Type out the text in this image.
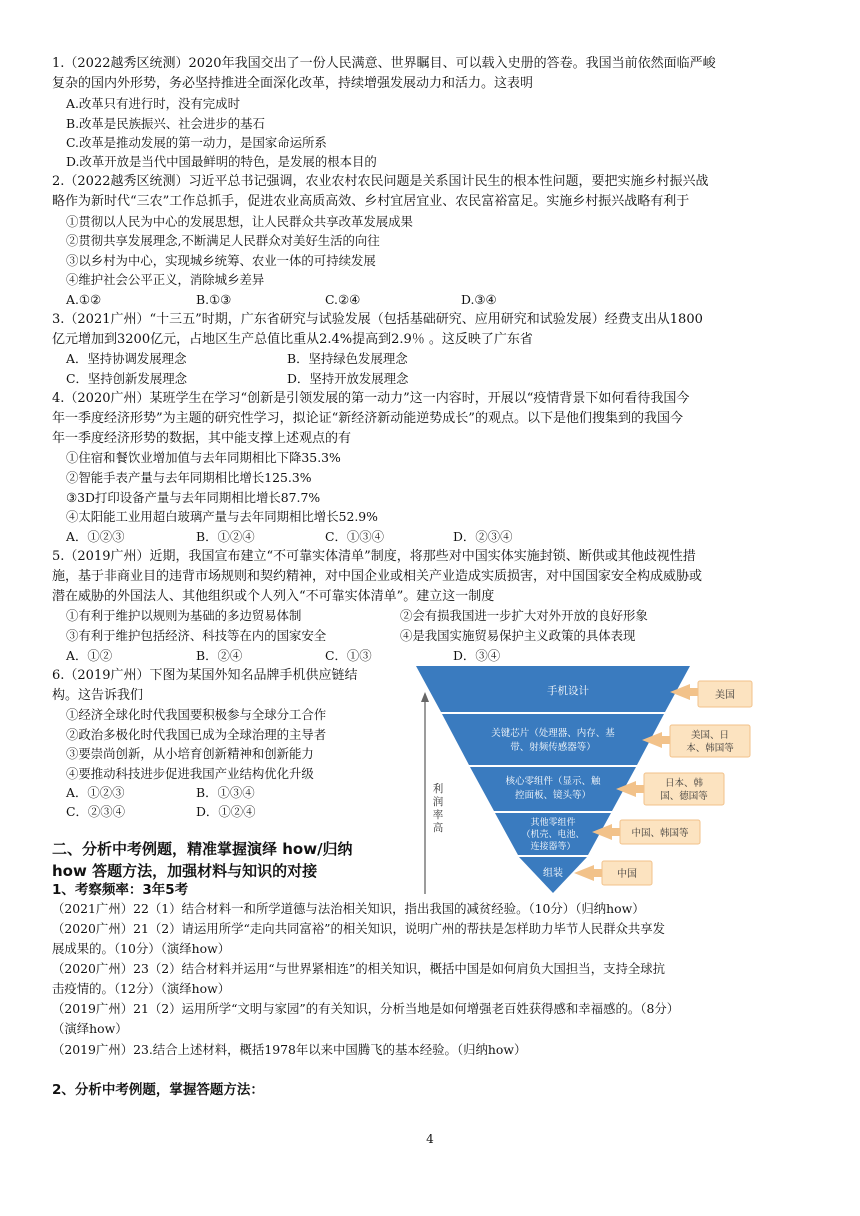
1.（2022越秀区统测）2020年我国交出了一份人民满意、世界瞩目、可以载入史册的答卷。我国当前依然面临严峻
复杂的国内外形势，务必坚持推进全面深化改革，持续增强发展动力和活力。这表明
A.改革只有进行时，没有完成时
B.改革是民族振兴、社会进步的基石
C.改革是推动发展的第一动力，是国家命运所系
D.改革开放是当代中国最鲜明的特色，是发展的根本目的
2.（2022越秀区统测）习近平总书记强调，农业农村农民问题是关系国计民生的根本性问题，要把实施乡村振兴战
略作为新时代“三农”工作总抓手，促进农业高质高效、乡村宜居宜业、农民富裕富足。实施乡村振兴战略有利于
①贯彻以人民为中心的发展思想，让人民群众共享改革发展成果
②贯彻共享发展理念,不断满足人民群众对美好生活的向往
③以乡村为中心，实现城乡统筹、农业一体的可持续发展
④维护社会公平正义，消除城乡差异
A.①②	B.①③	C.②④	D.③④
3.（2021广州）“十三五”时期，广东省研究与试验发展（包括基础研究、应用研究和试验发展）经费支出从1800
亿元增加到3200亿元，占地区生产总值比重从2.4%提高到2.9％ 。这反映了广东省
A．坚持协调发展理念	B．坚持绿色发展理念
C．坚持创新发展理念	D．坚持开放发展理念
4.（2020广州）某班学生在学习“创新是引领发展的第一动力”这一内容时，开展以“疫情背景下如何看待我国今
年一季度经济形势”为主题的研究性学习，拟论证“新经济新动能逆势成长”的观点。以下是他们搜集到的我国今
年一季度经济形势的数据，其中能支撑上述观点的有
①住宿和餐饮业增加值与去年同期相比下降35.3%
②智能手表产量与去年同期相比增长125.3%
③3D打印设备产量与去年同期相比增长87.7%
④太阳能工业用超白玻璃产量与去年同期相比增长52.9%
A．①②③	B．①②④	C．①③④	D．②③④
5.（2019广州）近期，我国宣布建立“不可靠实体清单”制度，将那些对中国实体实施封锁、断供或其他歧视性措
施，基于非商业目的违背市场规则和契约精神，对中国企业或相关产业造成实质损害，对中国国家安全构成威胁或
潜在威胁的外国法人、其他组织或个人列入“不可靠实体清单”。建立这一制度
①有利于维护以规则为基础的多边贸易体制	②会有损我国进一步扩大对外开放的良好形象
③有利于维护包括经济、科技等在内的国家安全	④是我国实施贸易保护主义政策的具体表现
A．①②	B．②④	C．①③	D．③④
6.（2019广州）下图为某国外知名品牌手机供应链结
构。这告诉我们
①经济全球化时代我国要积极参与全球分工合作
②政治多极化时代我国已成为全球治理的主导者
③要崇尚创新，从小培育创新精神和创新能力
④要推动科技进步促进我国产业结构优化升级
A．①②③	B．①③④
C．②③④	D．①②④
利
润
率
高
手机设计
关键芯片（处理器、内存、基
带、射频传感器等）
核心零组件（显示、触
控面板、镜头等）
其他零组件
（机壳、电池、
连接器等）
组装
美国
美国、日
本、韩国等
日本、韩
国、德国等
中国、韩国等
中国
二、分析中考例题，精准掌握演绎 how/归纳
how 答题方法，加强材料与知识的对接
1、考察频率：3年5考
（2021广州）22（1）结合材料一和所学道德与法治相关知识，指出我国的减贫经验。（10分）（归纳how）
（2020广州）21（2）请运用所学“走向共同富裕”的相关知识，说明广州的帮扶是怎样助力毕节人民群众共享发
展成果的。（10分）（演绎how）
（2020广州）23（2）结合材料并运用“与世界紧相连”的相关知识，概括中国是如何肩负大国担当，支持全球抗
击疫情的。（12分）（演绎how）
（2019广州）21（2）运用所学“文明与家园”的有关知识，分析当地是如何增强老百姓获得感和幸福感的。（8分）
（演绎how）
（2019广州）23.结合上述材料，概括1978年以来中国腾飞的基本经验。（归纳how）
2、分析中考例题，掌握答题方法：
4
